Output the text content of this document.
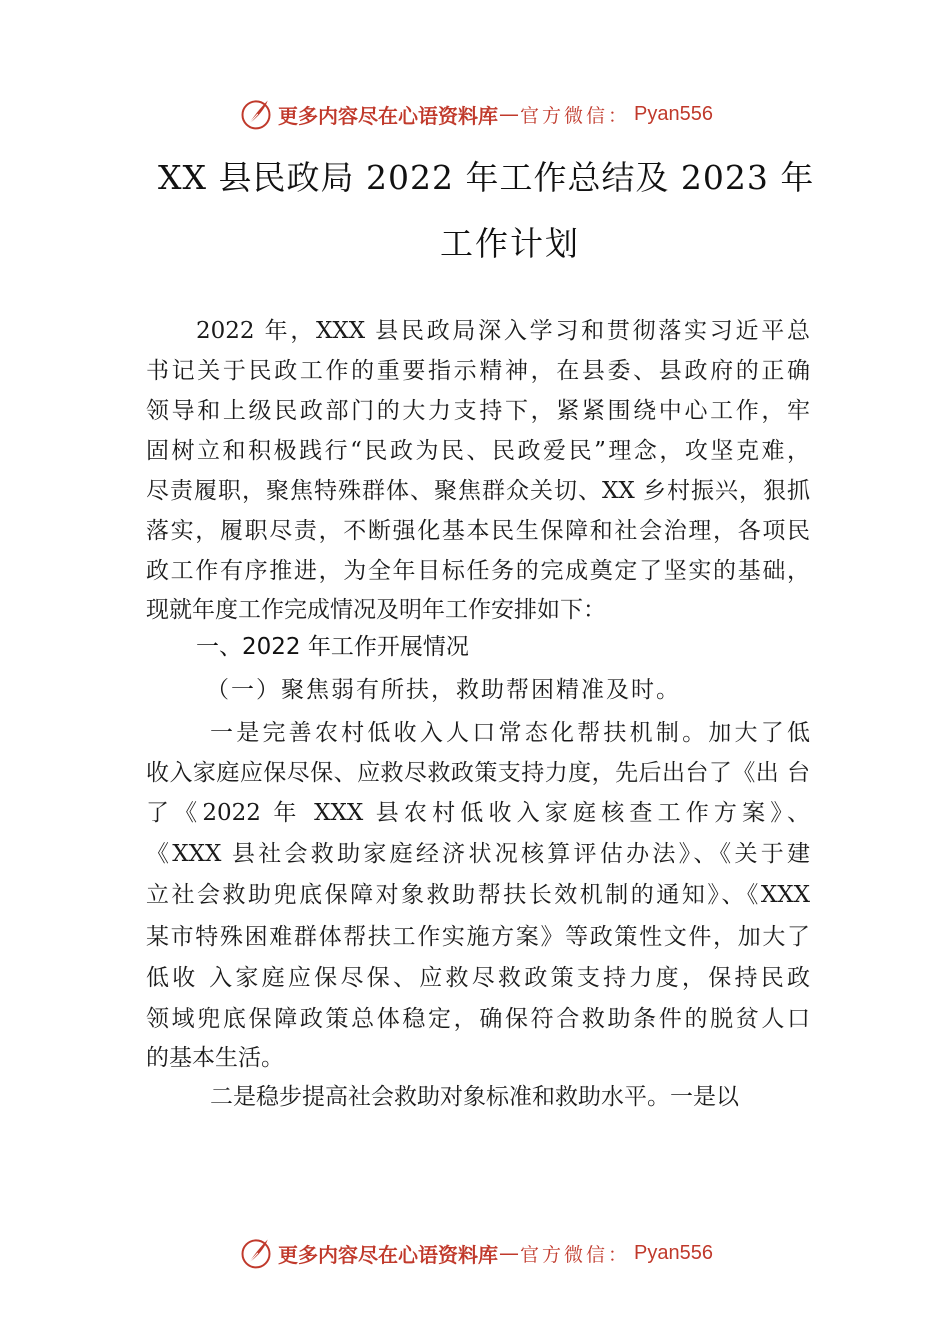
更多内容尽在心语资料库 — 官方微信： Pyan556
XX 县民政局 2022 年工作总结及 2023 年
工作计划
2022 年，XXX 县民政局深入学习和贯彻落实习近平总
书记关于民政工作的重要指示精神，在县委、县政府的正确
领导和上级民政部门的大力支持下，紧紧围绕中心工作，牢
固树立和积极践行“民政为民、民政爱民”理念，攻坚克难，
尽责履职，聚焦特殊群体、聚焦群众关切、XX 乡村振兴，狠抓
落实，履职尽责，不断强化基本民生保障和社会治理，各项民
政工作有序推进，为全年目标任务的完成奠定了坚实的基础，
现就年度工作完成情况及明年工作安排如下：
一、2022 年工作开展情况
（一）聚焦弱有所扶，救助帮困精准及时。
一是完善农村低收入人口常态化帮扶机制。加大了低
收入家庭应保尽保、应救尽救政策支持力度，先后出台了《出 台
了《2022 年 XXX 县农村低收入家庭核查工作方案》、
《XXX 县社会救助家庭经济状况核算评估办法》、《关于建
立社会救助兜底保障对象救助帮扶长效机制的通知》、《XXX
某市特殊困难群体帮扶工作实施方案》等政策性文件，加大了
低收 入家庭应保尽保、应救尽救政策支持力度，保持民政
领域兜底保障政策总体稳定，确保符合救助条件的脱贫人口
的基本生活。
二是稳步提高社会救助对象标准和救助水平。一是以
更多内容尽在心语资料库 — 官方微信： Pyan556
